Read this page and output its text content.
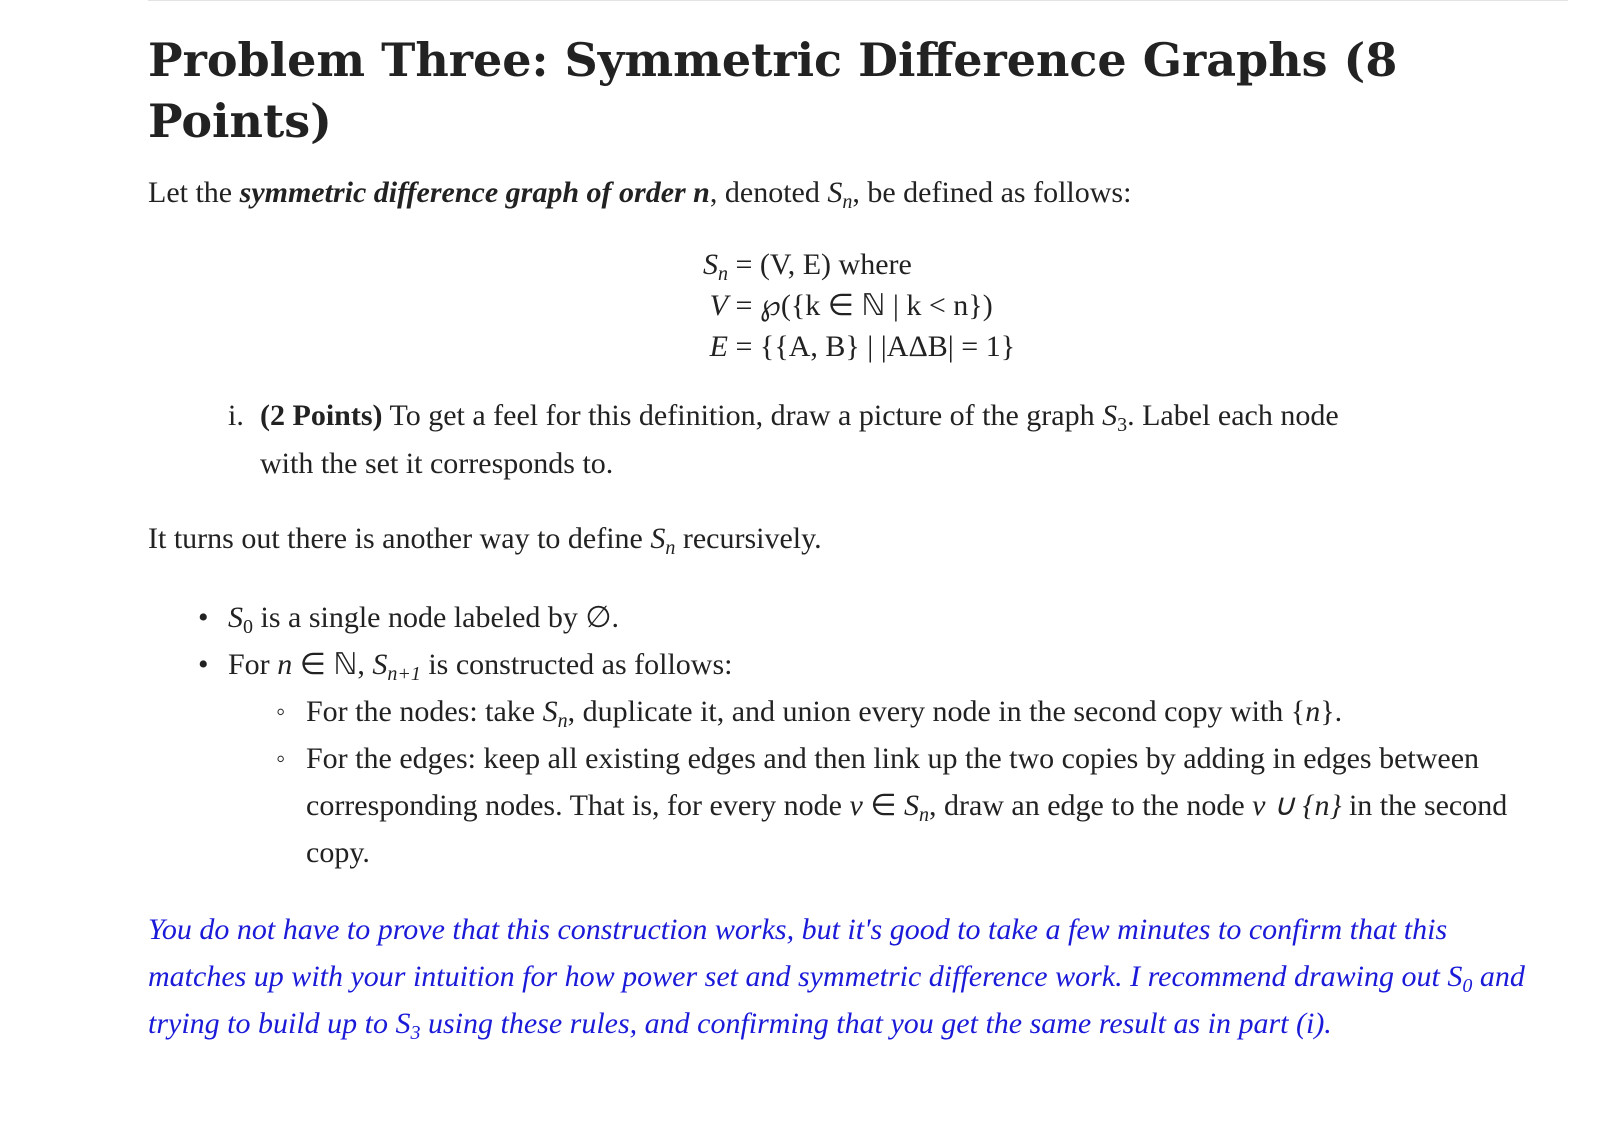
Problem Three: Symmetric Difference Graphs (8 Points)

Let the symmetric difference graph of order n, denoted $S_n$, be defined as follows:

$S_n = (V$, E) where
V = ℘({k ∈ ℕ | k < n})
E = {{A, B} | |AΔB| = 1}
i. (2 Points) To get a feel for this definition, draw a picture of the graph $S_3$. Label each node
with the set it corresponds to.

It turns out there is another way to define $S_n$ recursively.

• $S_0$ is a single node labeled by ∅.
• For n ∈ ℕ, $S_{n+1}$ is constructed as follows:
◦ For the nodes: take $S_n$, duplicate it, and union every node in the second copy with {n}.
◦ For the edges: keep all existing edges and then link up the two copies by adding in edges between corresponding nodes. That is, for every node v ∈ $S_n$, draw an edge to the node v ∪ {n} in the second copy.

You do not have to prove that this construction works, but it's good to take a few minutes to confirm that this matches up with your intuition for how power set and symmetric difference work. I recommend drawing out $S_0$ and trying to build up to $S_3$ using these rules, and confirming that you get the same result as in part (i).
